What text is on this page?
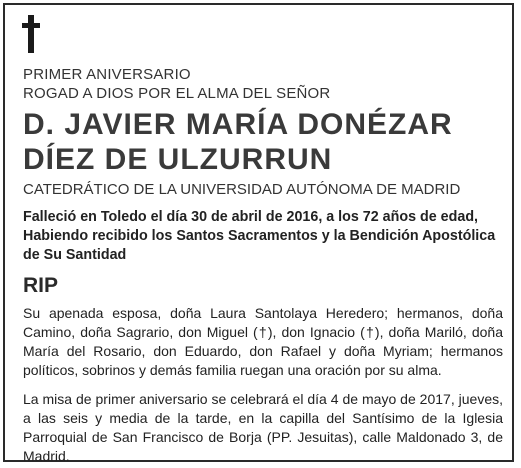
PRIMER ANIVERSARIO
ROGAD A DIOS POR EL ALMA DEL SEÑOR
D. JAVIER MARÍA DONÉZAR
DÍEZ DE ULZURRUN
CATEDRÁTICO DE LA UNIVERSIDAD AUTÓNOMA DE MADRID
Falleció en Toledo el día 30 de abril de 2016, a los 72 años de edad, Habiendo recibido los Santos Sacramentos y la Bendición Apostólica de Su Santidad
RIP
Su apenada esposa, doña Laura Santolaya Heredero; hermanos, doña Camino, doña Sagrario, don Miguel (†), don Ignacio (†), doña Mariló, doña María del Rosario, don Eduardo, don Rafael y doña Myriam; hermanos políticos, sobrinos y demás familia ruegan una oración por su alma.
La misa de primer aniversario se celebrará el día 4 de mayo de 2017, jueves, a las seis y media de la tarde, en la capilla del Santísimo de la Iglesia Parroquial de San Francisco de Borja (PP. Jesuitas), calle Maldonado 3, de Madrid.
